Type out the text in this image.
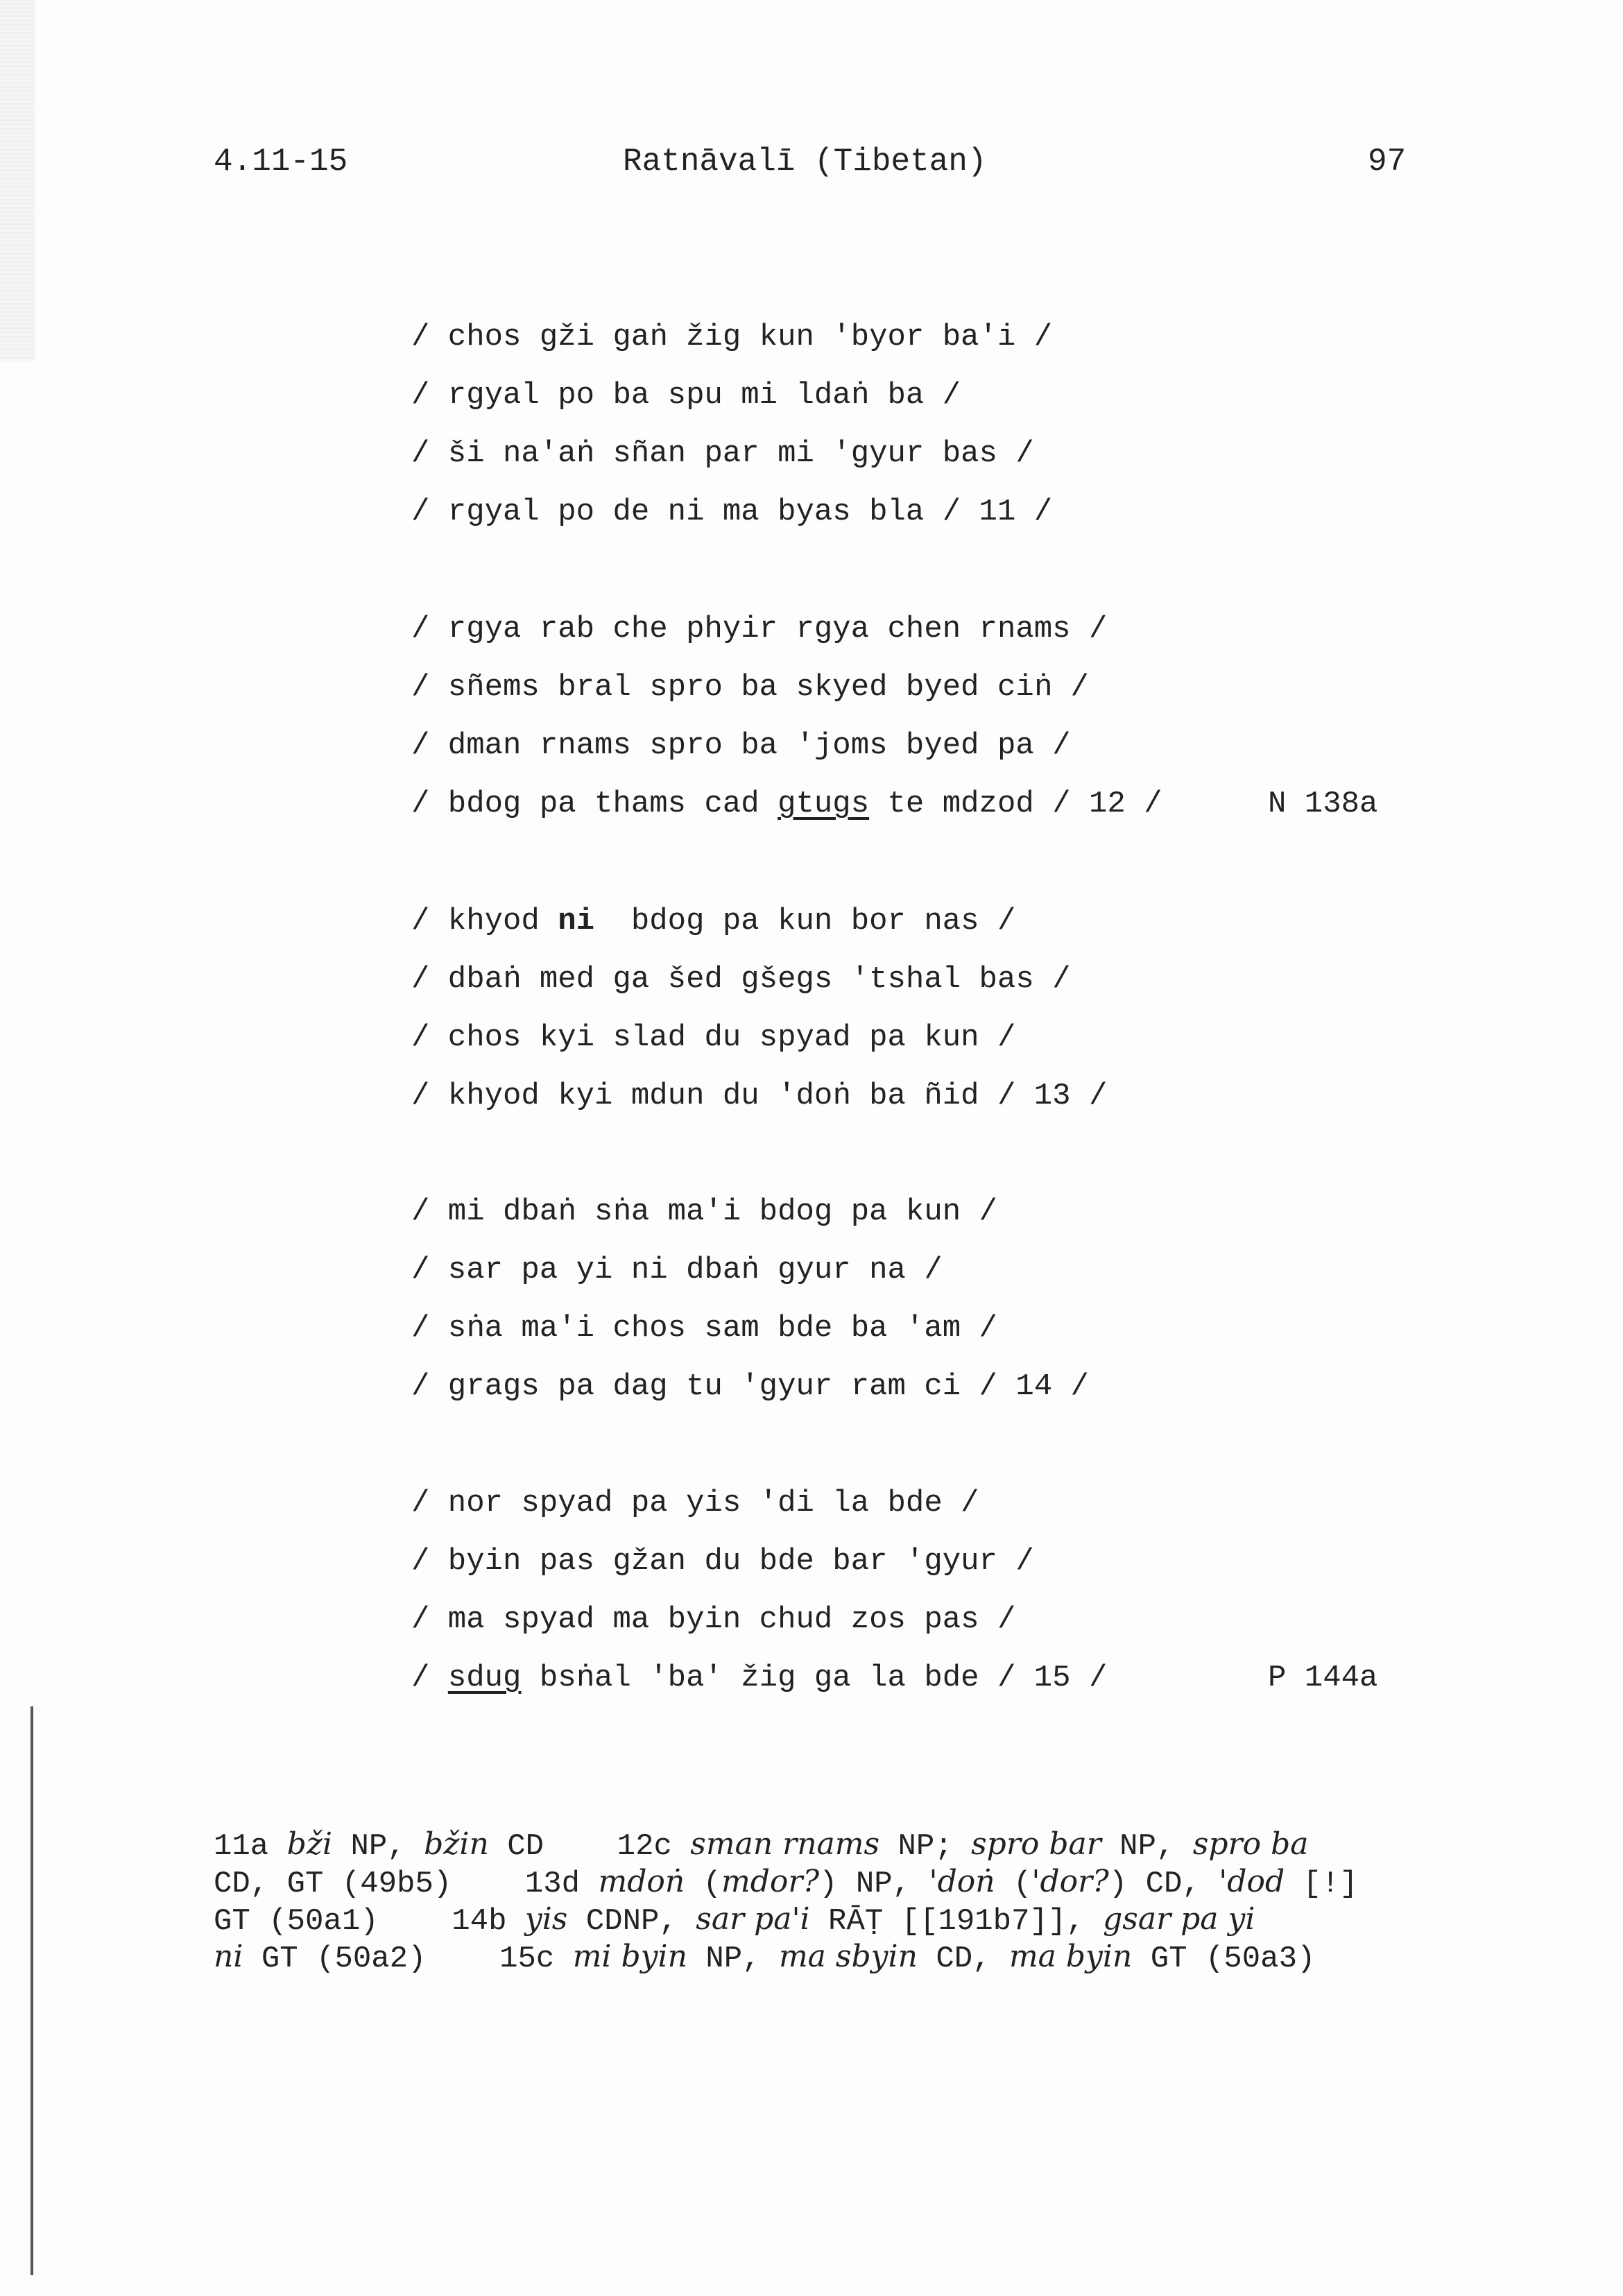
4.11-15	Ratnāvalī (Tibetan)	97
/ chos gži gaṅ žig kun 'byor ba'i /
/ rgyal po ba spu mi ldaṅ ba /
/ ši na'aṅ sñan par mi 'gyur bas /
/ rgyal po de ni ma byas bla / 11 /
/ rgya rab che phyir rgya chen rnams /
/ sñems bral spro ba skyed byed ciṅ /
/ dman rnams spro ba 'joms byed pa /
/ bdog pa thams cad gtugs te mdzod / 12 /	N 138a
/ khyod ni  bdog pa kun bor nas /
/ dbaṅ med ga šed gšegs 'tshal bas /
/ chos kyi slad du spyad pa kun /
/ khyod kyi mdun du 'doṅ ba ñid / 13 /
/ mi dbaṅ sṅa ma'i bdog pa kun /
/ sar pa yi ni dbaṅ gyur na /
/ sṅa ma'i chos sam bde ba 'am /
/ grags pa dag tu 'gyur ram ci / 14 /
/ nor spyad pa yis 'di la bde /
/ byin pas gžan du bde bar 'gyur /
/ ma spyad ma byin chud zos pas /
/ sdug bsṅal 'ba' žig ga la bde / 15 /	P 144a
11a bži NP, bžin CD    12c sman rnams NP; spro bar NP, spro ba
CD, GT (49b5)    13d mdoṅ (mdor?) NP, 'doṅ ('dor?) CD, 'dod [!]
GT (50a1)    14b yis CDNP, sar pa'i RĀṬ [[191b7]], gsar pa yi
ni GT (50a2)    15c mi byin NP, ma sbyin CD, ma byin GT (50a3)
